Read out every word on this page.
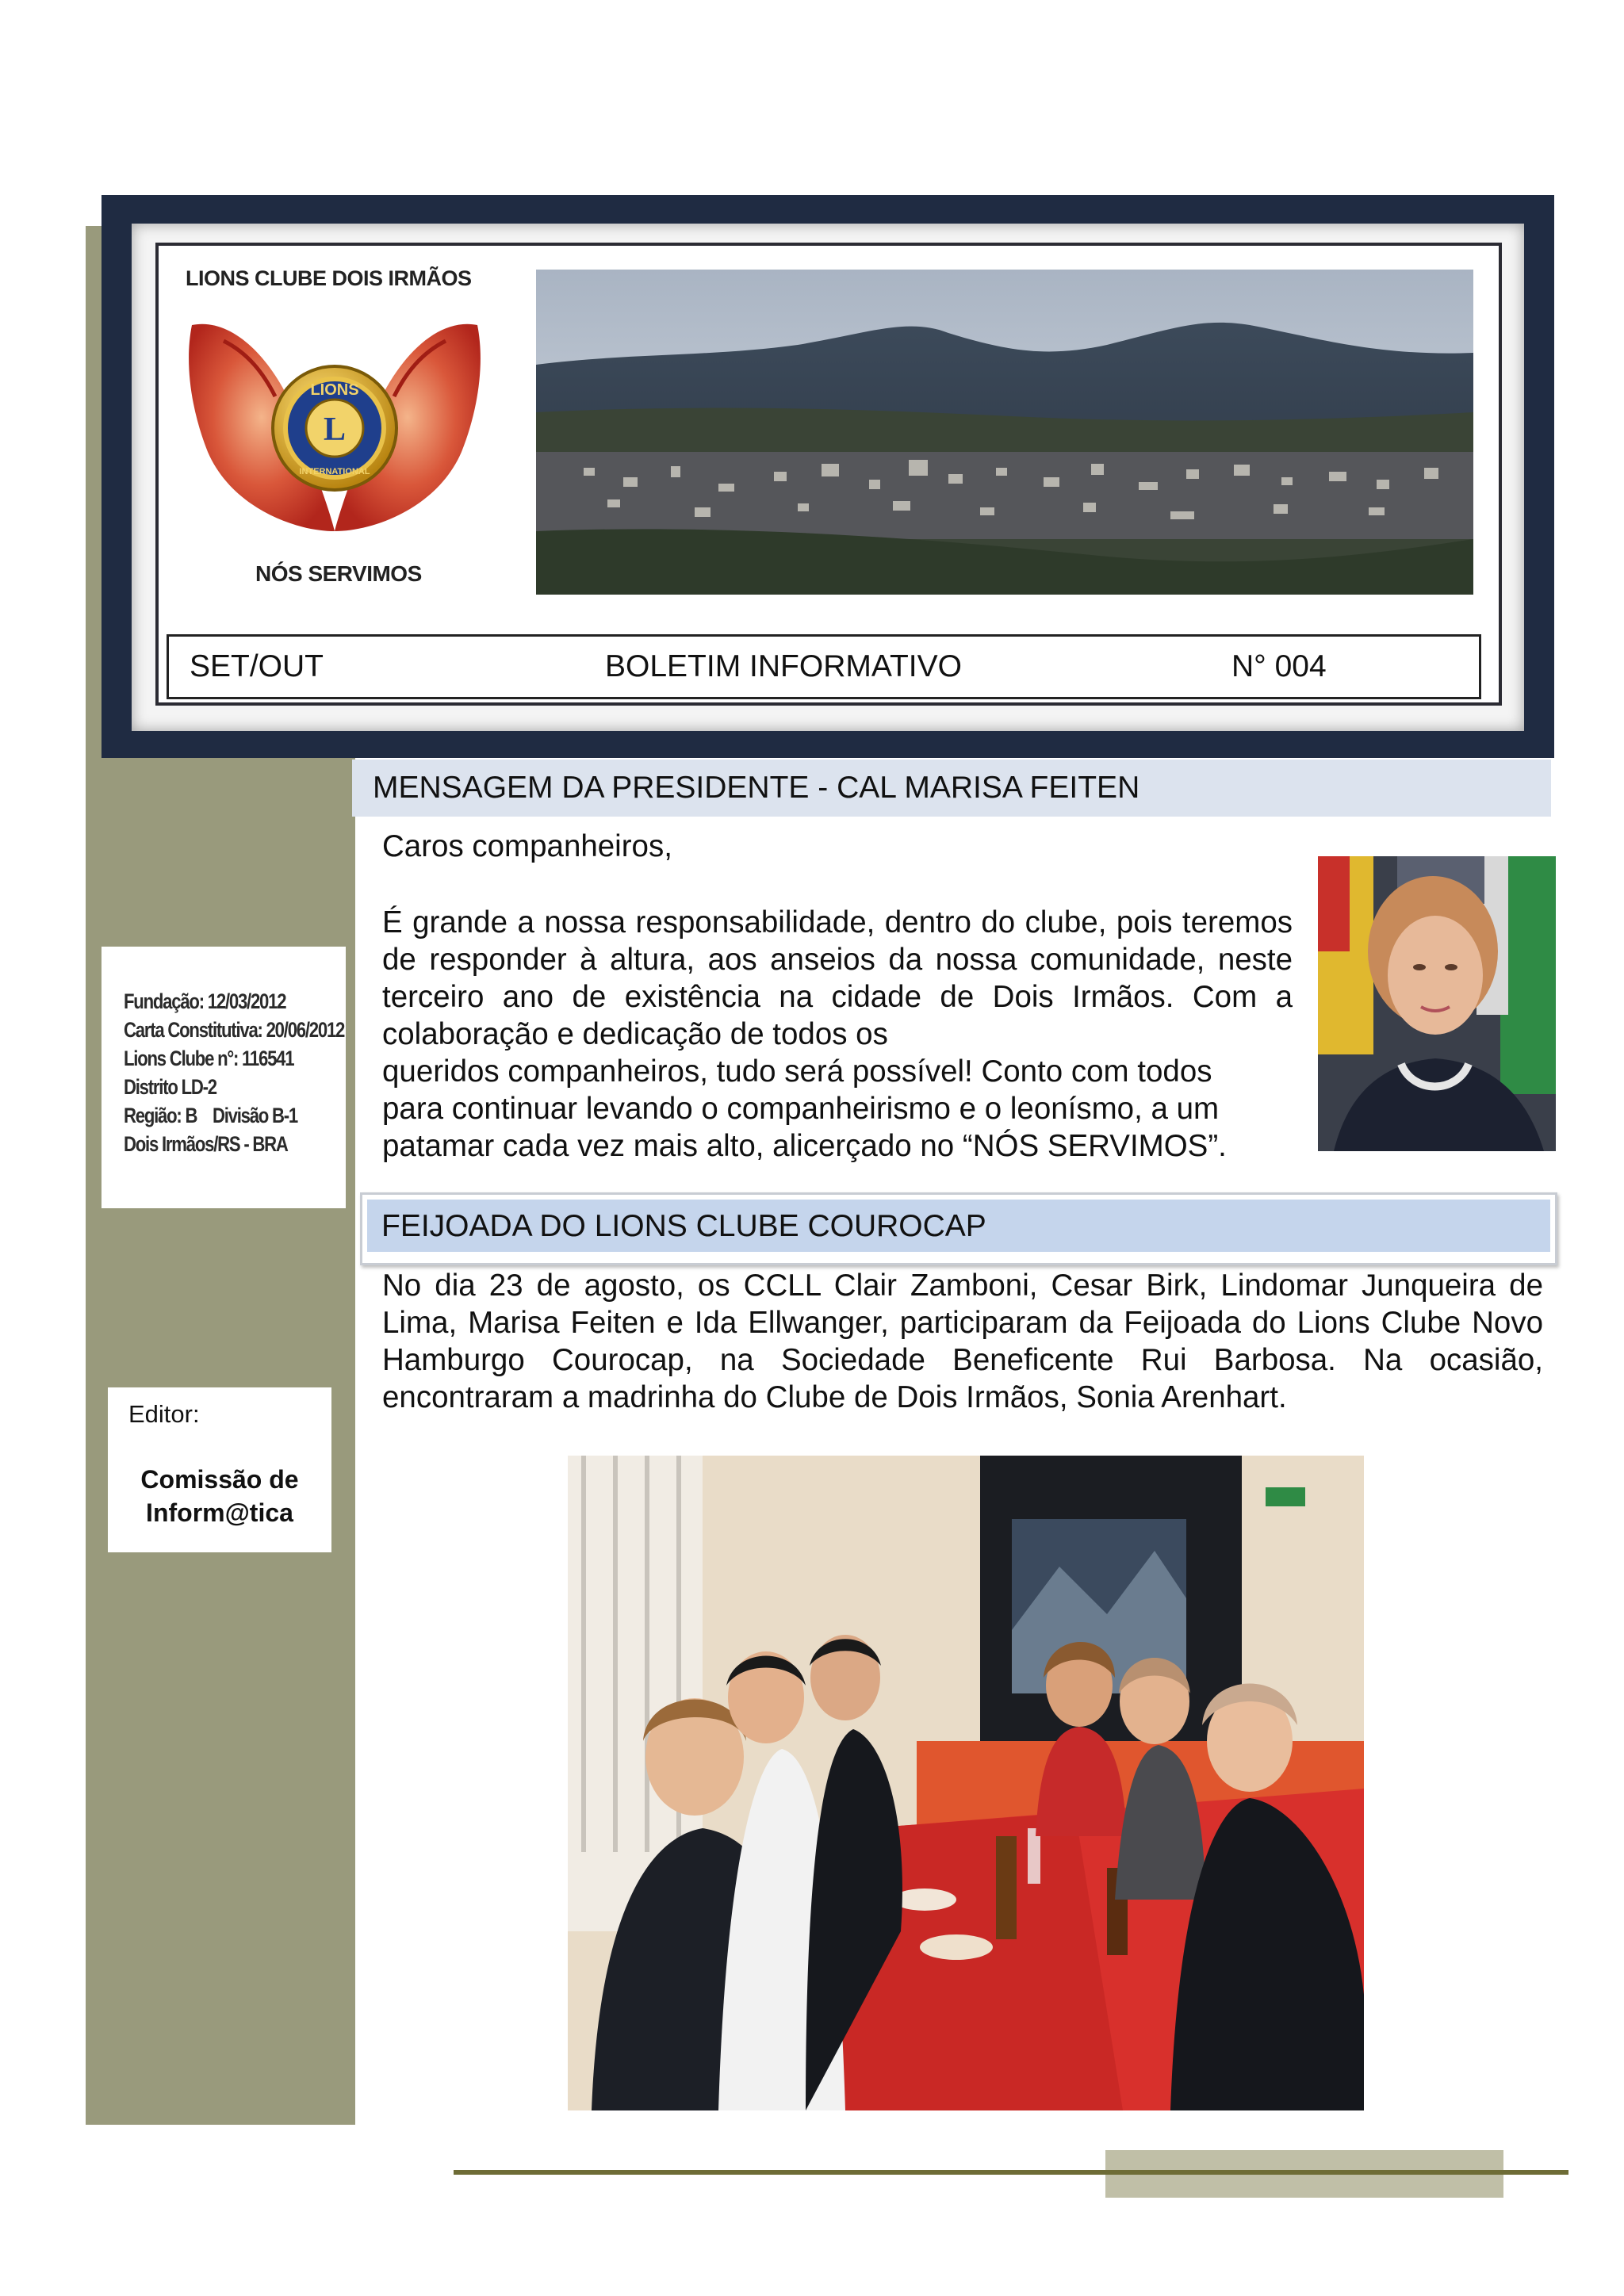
LIONS CLUBE DOIS IRMÃOS
L
LIONS
INTERNATIONAL
NÓS SERVIMOS
SET/OUT	BOLETIM INFORMATIVO	N° 004
MENSAGEM DA PRESIDENTE - CAL MARISA FEITEN
Caros companheiros,
É grande a nossa responsabilidade, dentro do clube, pois teremos de responder à altura, aos anseios da nossa comunidade, neste terceiro ano de existência na cidade de Dois Irmãos. Com a colaboração e dedicação de todos os
queridos companheiros, tudo será possível! Conto com todos
para continuar levando o companheirismo e o leonísmo, a um
patamar cada vez mais alto, alicerçado no “NÓS SERVIMOS”.
Fundação: 12/03/2012
Carta Constitutiva: 20/06/2012
Lions Clube n°: 116541
Distrito LD-2
Região: B    Divisão B-1
Dois Irmãos/RS - BRA
FEIJOADA DO LIONS CLUBE COUROCAP
No dia 23 de agosto, os CCLL Clair Zamboni, Cesar Birk, Lindomar Junqueira de Lima, Marisa Feiten e Ida Ellwanger, participaram da Feijoada do Lions Clube Novo Hamburgo Courocap, na Sociedade Beneficente Rui Barbosa. Na ocasião, encontraram a madrinha do Clube de Dois Irmãos, Sonia Arenhart.
Editor:
Comissão de
Inform@tica
